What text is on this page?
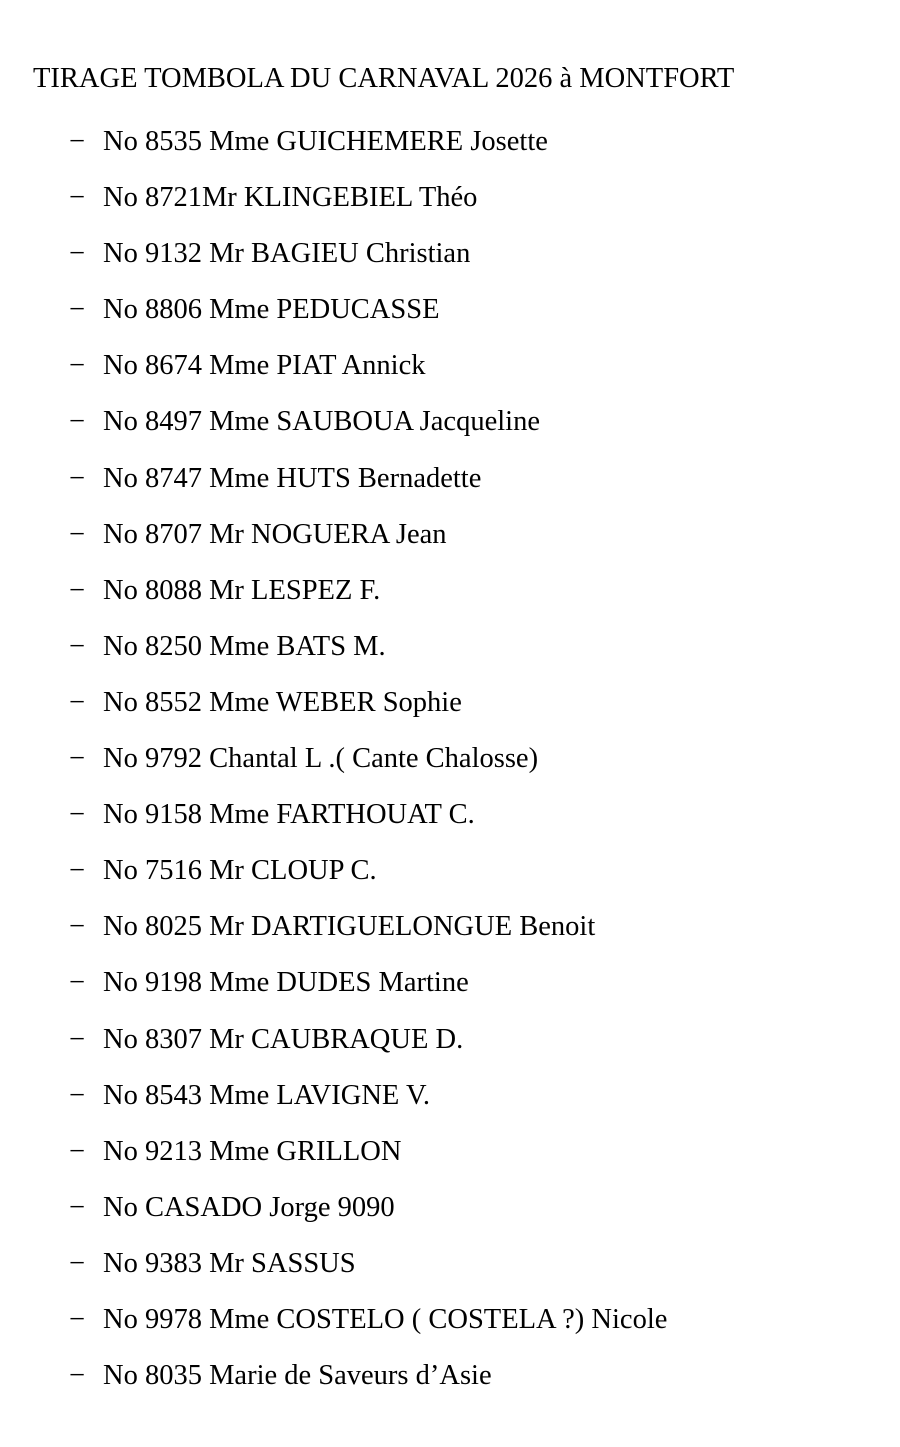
TIRAGE TOMBOLA DU CARNAVAL 2026 à MONTFORT
− No 8535 Mme GUICHEMERE Josette
− No 8721Mr KLINGEBIEL Théo
− No 9132 Mr BAGIEU Christian
− No 8806 Mme PEDUCASSE
− No 8674 Mme PIAT Annick
− No 8497 Mme SAUBOUA Jacqueline
− No 8747 Mme HUTS Bernadette
− No 8707 Mr NOGUERA Jean
− No 8088 Mr LESPEZ F.
− No 8250 Mme BATS M.
− No 8552 Mme WEBER Sophie
− No 9792 Chantal L .( Cante Chalosse)
− No 9158 Mme FARTHOUAT C.
− No 7516 Mr CLOUP C.
− No 8025 Mr DARTIGUELONGUE Benoit
− No 9198 Mme DUDES Martine
− No 8307 Mr CAUBRAQUE D.
− No 8543 Mme LAVIGNE V.
− No 9213 Mme GRILLON
− No CASADO Jorge 9090
− No 9383 Mr SASSUS
− No 9978 Mme COSTELO ( COSTELA ?) Nicole
− No 8035 Marie de Saveurs d’Asie
